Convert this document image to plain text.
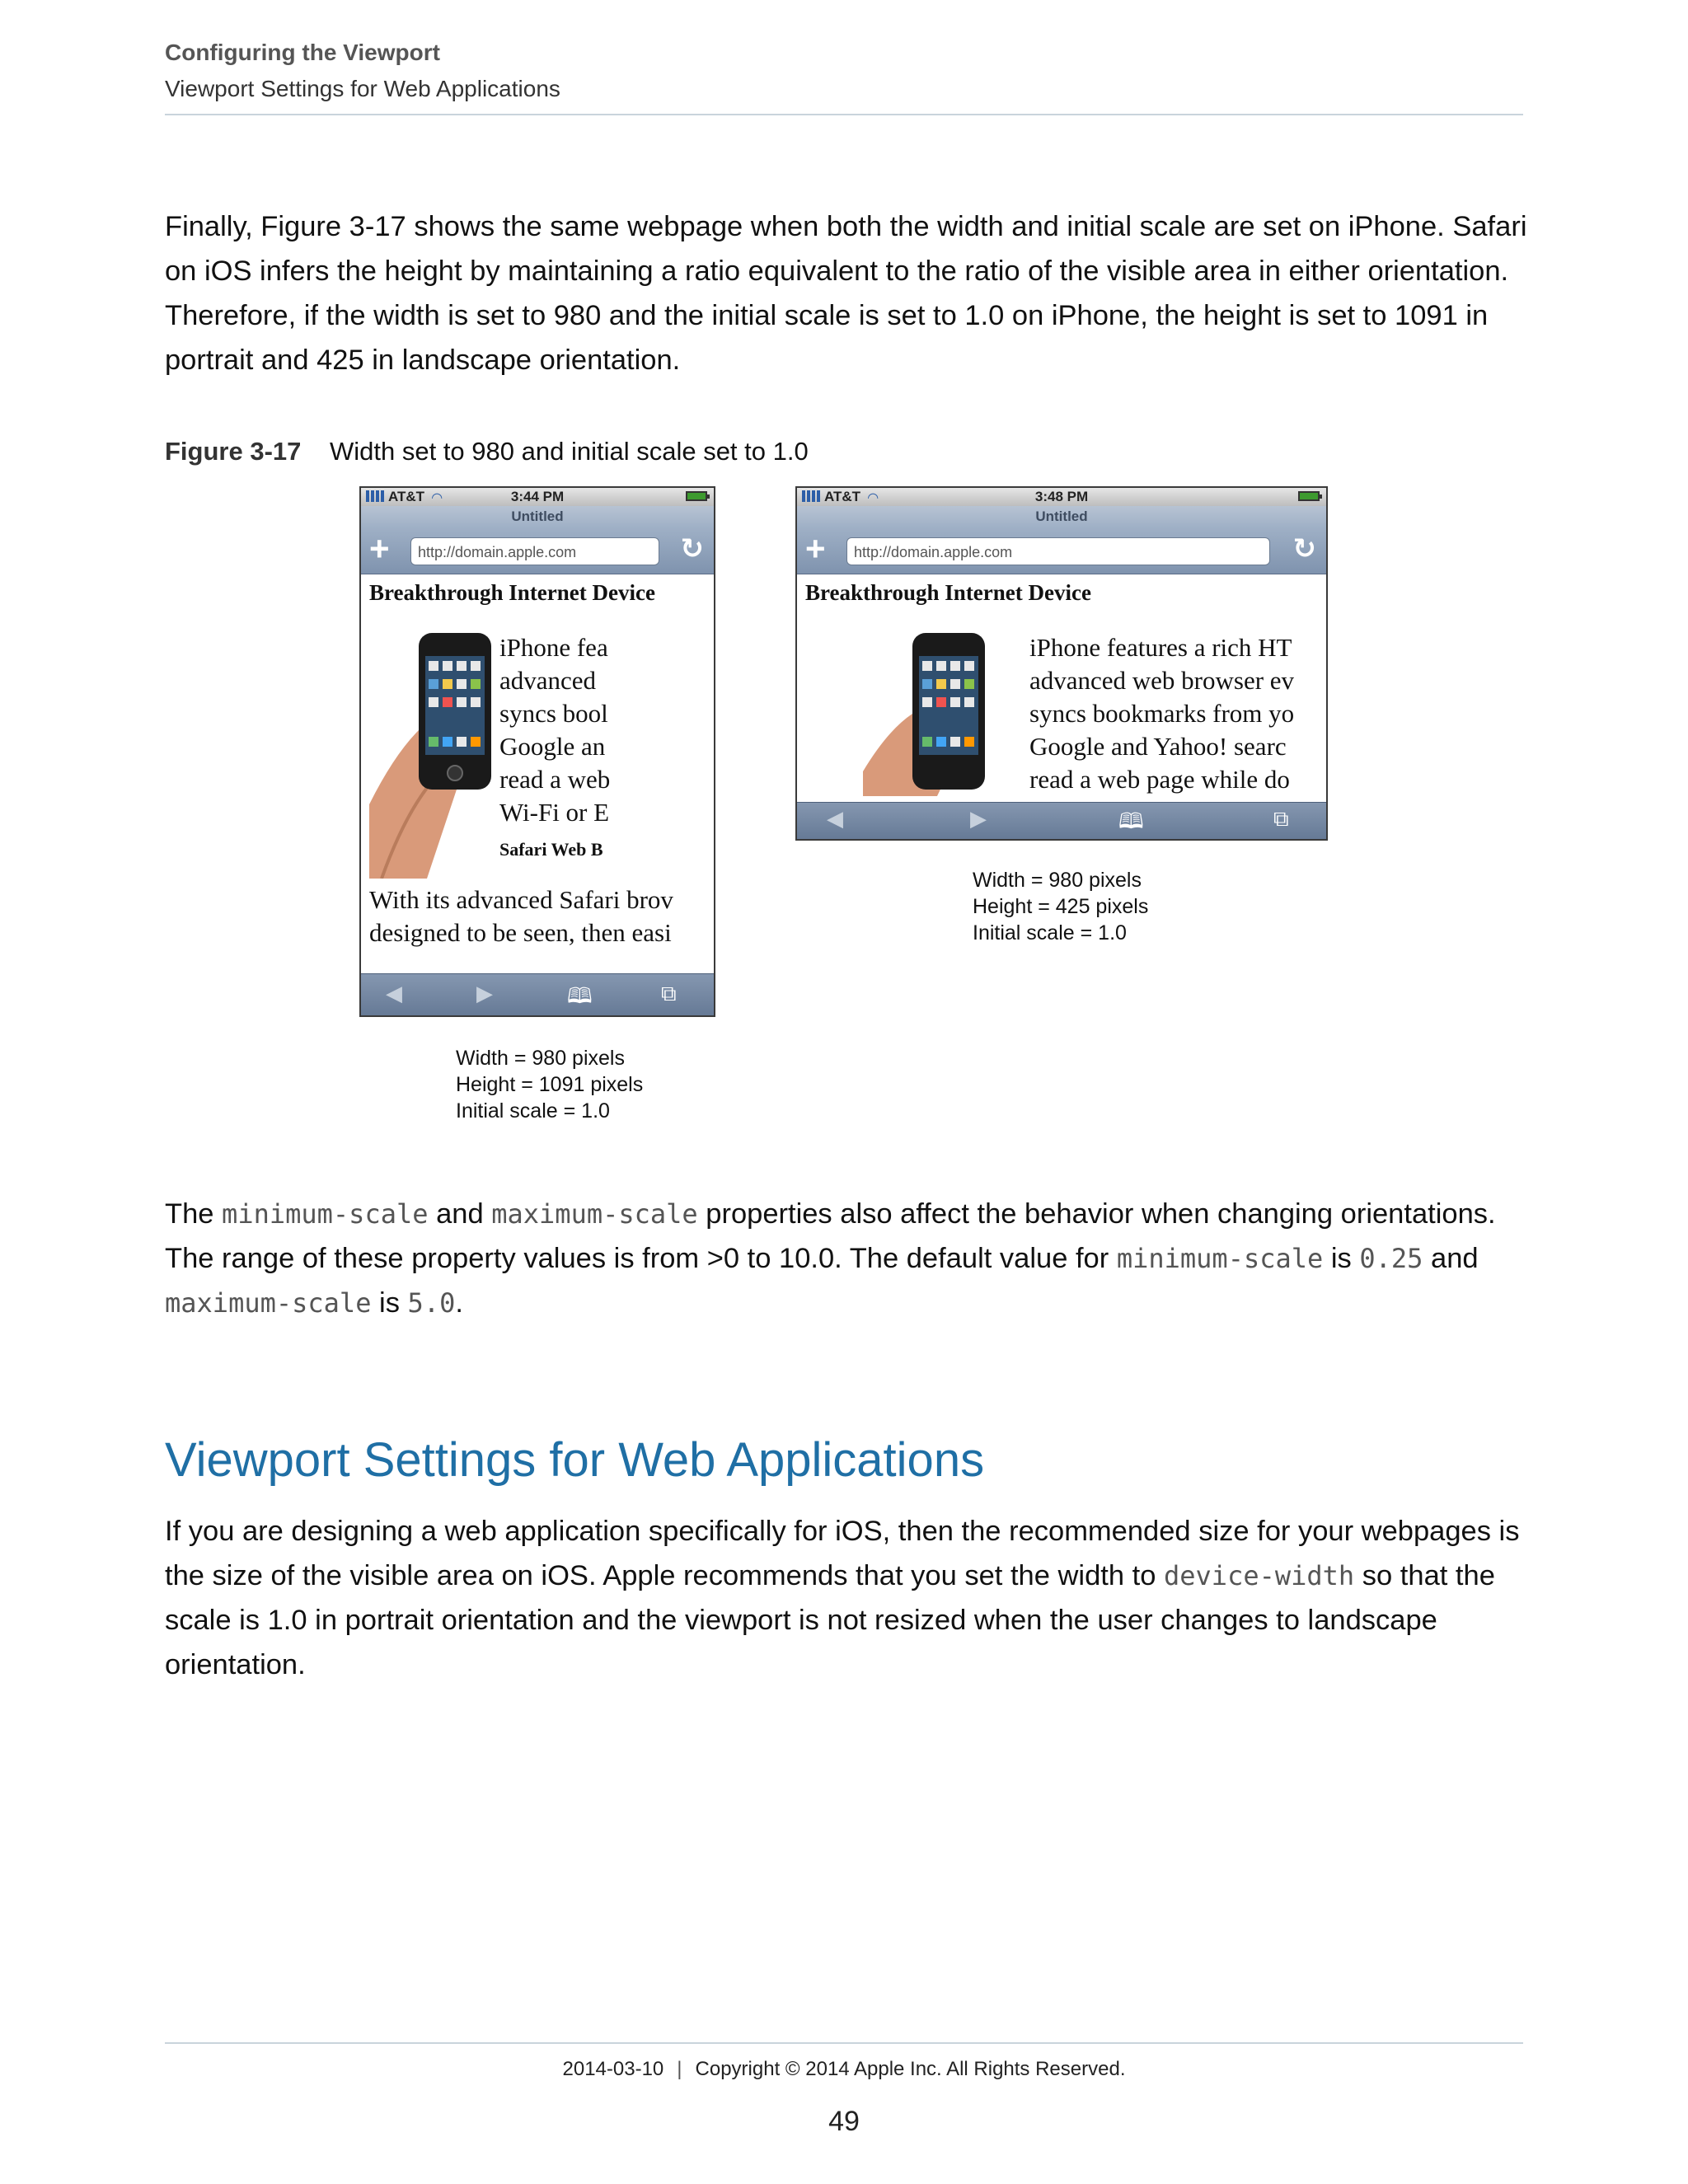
Configuring the Viewport
Viewport Settings for Web Applications
Finally, Figure 3-17 shows the same webpage when both the width and initial scale are set on iPhone. Safari on iOS infers the height by maintaining a ratio equivalent to the ratio of the visible area in either orientation. Therefore, if the width is set to 980 and the initial scale is set to 1.0 on iPhone, the height is set to 1091 in portrait and 425 in landscape orientation.
Figure 3-17 Width set to 980 and initial scale set to 1.0
AT&T ◠	3:44 PM
Untitled
+	http://domain.apple.com	↻
Breakthrough Internet Device
iPhone fea
advanced
syncs bool
Google an
read a web
Wi-Fi or E
Safari Web B
With its advanced Safari brov
designed to be seen, then easi
◀	▶	🕮	⧉
AT&T ◠	3:48 PM
Untitled
+	http://domain.apple.com	↻
Breakthrough Internet Device
iPhone features a rich HT
advanced web browser ev
syncs bookmarks from yo
Google and Yahoo! searc
read a web page while do
◀	▶	🕮	⧉
Width = 980 pixels
Height = 425 pixels
Initial scale = 1.0
Width = 980 pixels
Height = 1091 pixels
Initial scale = 1.0
The minimum-scale and maximum-scale properties also affect the behavior when changing orientations. The range of these property values is from >0 to 10.0. The default value for minimum-scale is 0.25 and maximum-scale is 5.0.
Viewport Settings for Web Applications
If you are designing a web application specifically for iOS, then the recommended size for your webpages is the size of the visible area on iOS. Apple recommends that you set the width to device-width so that the scale is 1.0 in portrait orientation and the viewport is not resized when the user changes to landscape orientation.
2014-03-10 | Copyright © 2014 Apple Inc. All Rights Reserved.
49
